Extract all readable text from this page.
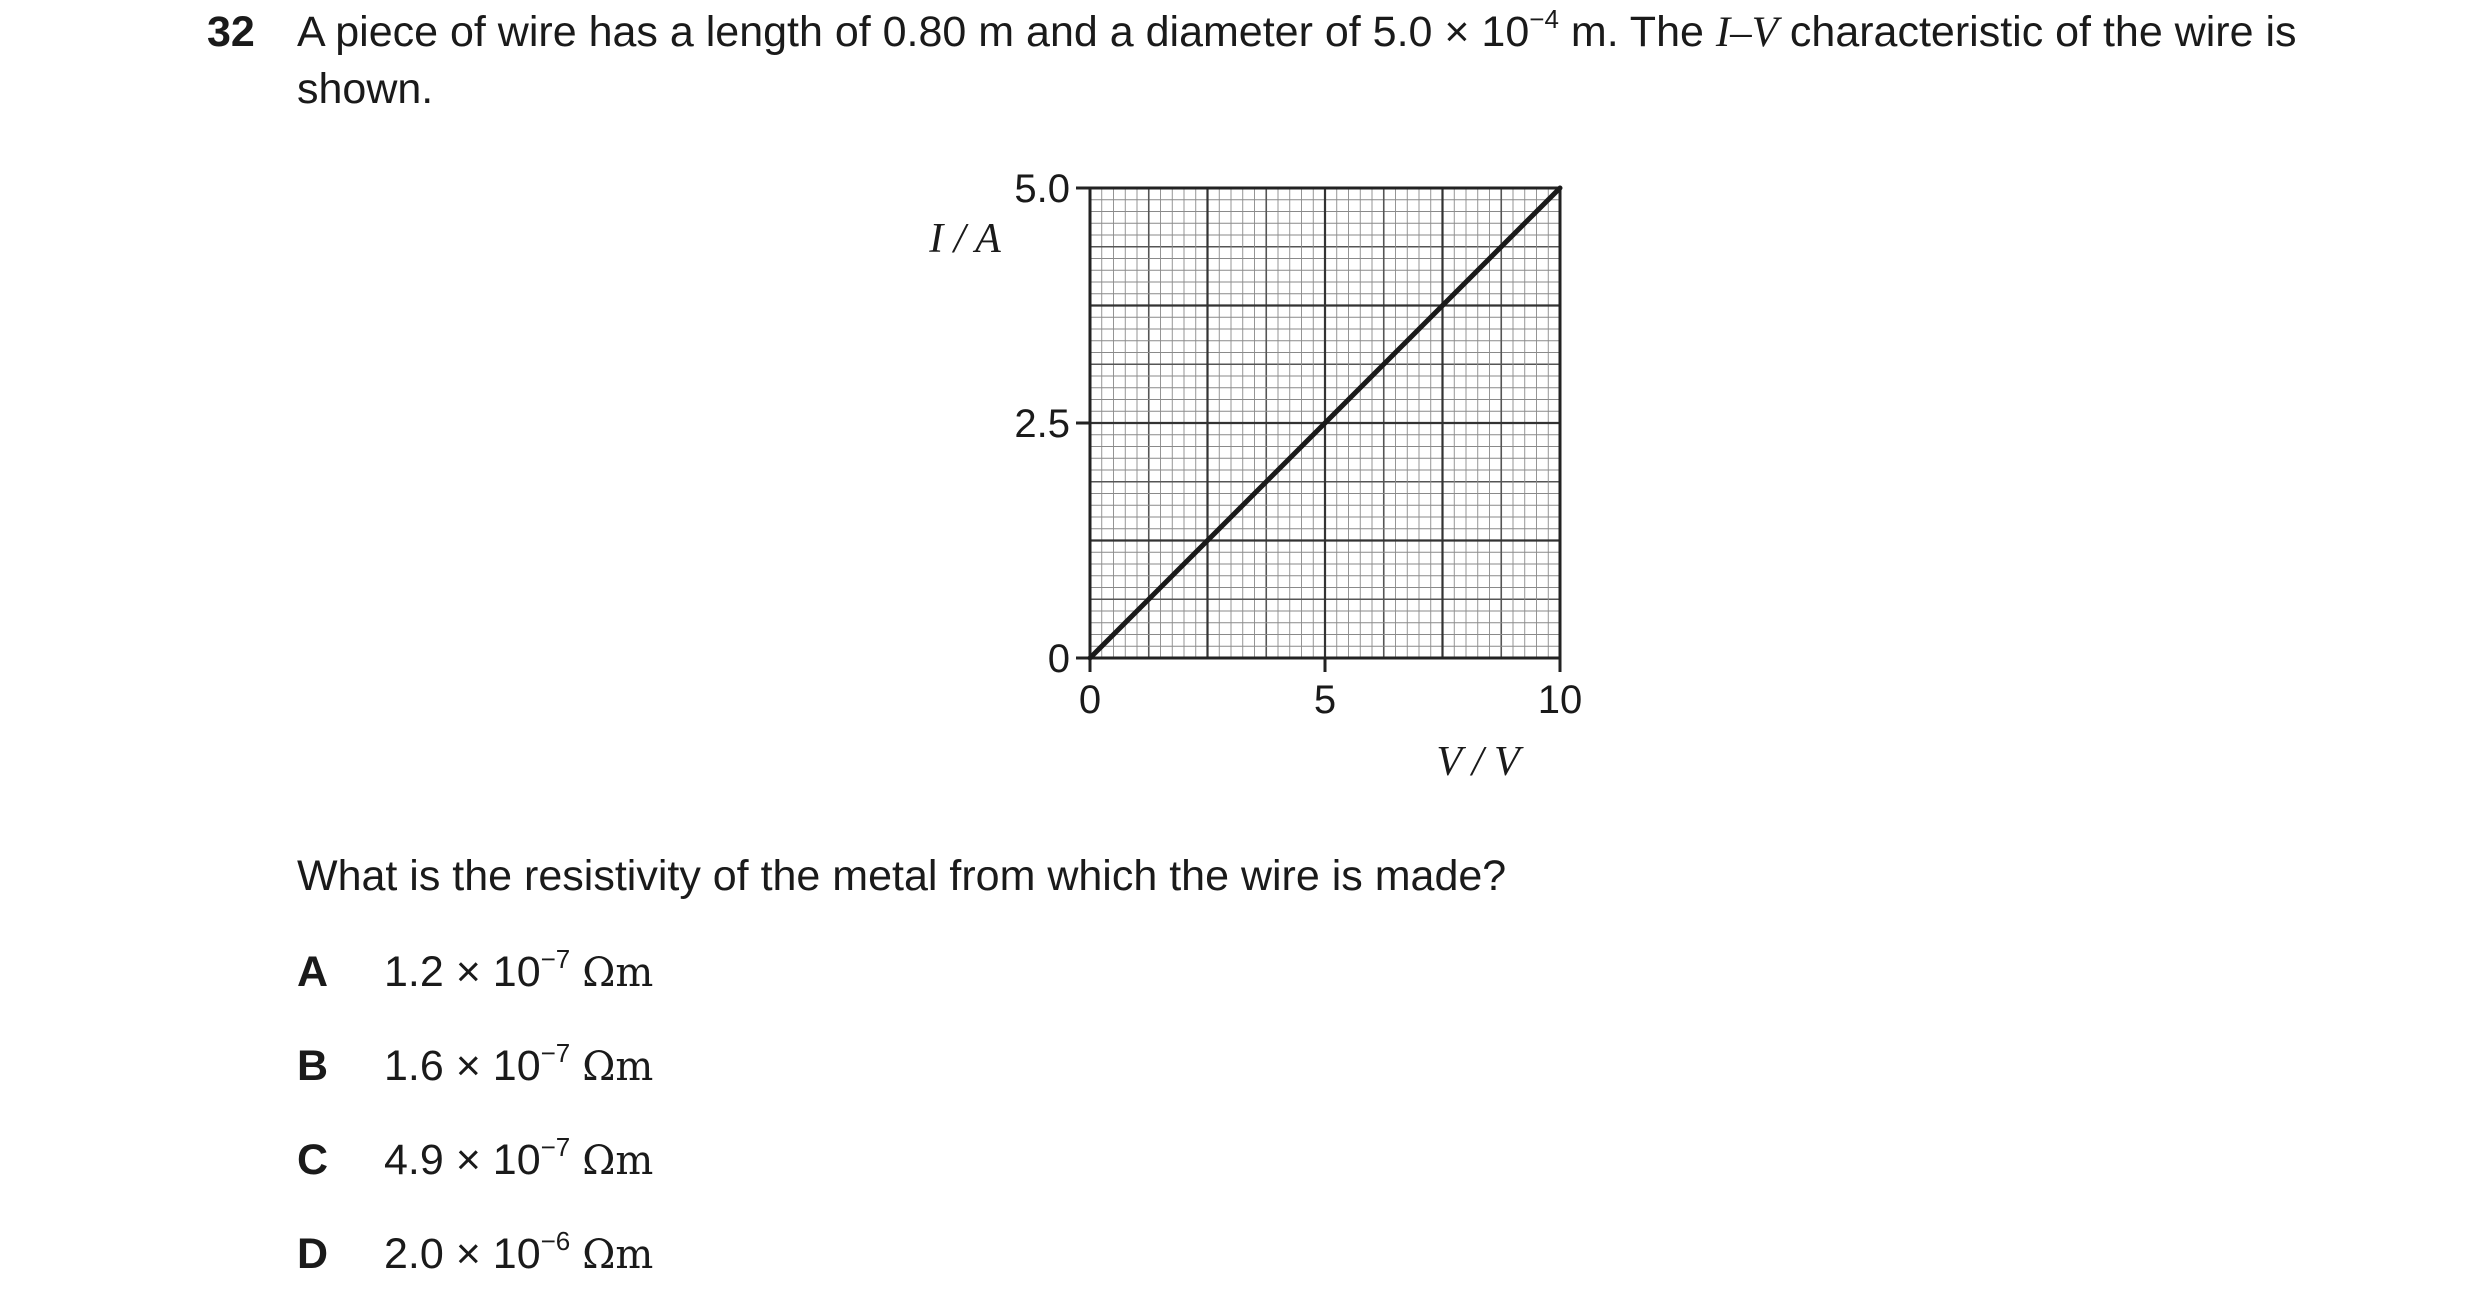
32 A piece of wire has a length of 0.80 m and a diameter of $5.0 \times 10^{-4}$ m. The I–V characteristic of the wire is shown.
0	5	10
0
2.5
5.0
I / A
V / V
What is the resistivity of the metal from which the wire is made?
A $1.2 \times 10^{-7}$ Ωm
B $1.6 \times 10^{-7}$ Ωm
C $4.9 \times 10^{-7}$ Ωm
D $2.0 \times 10^{-6}$ Ωm
